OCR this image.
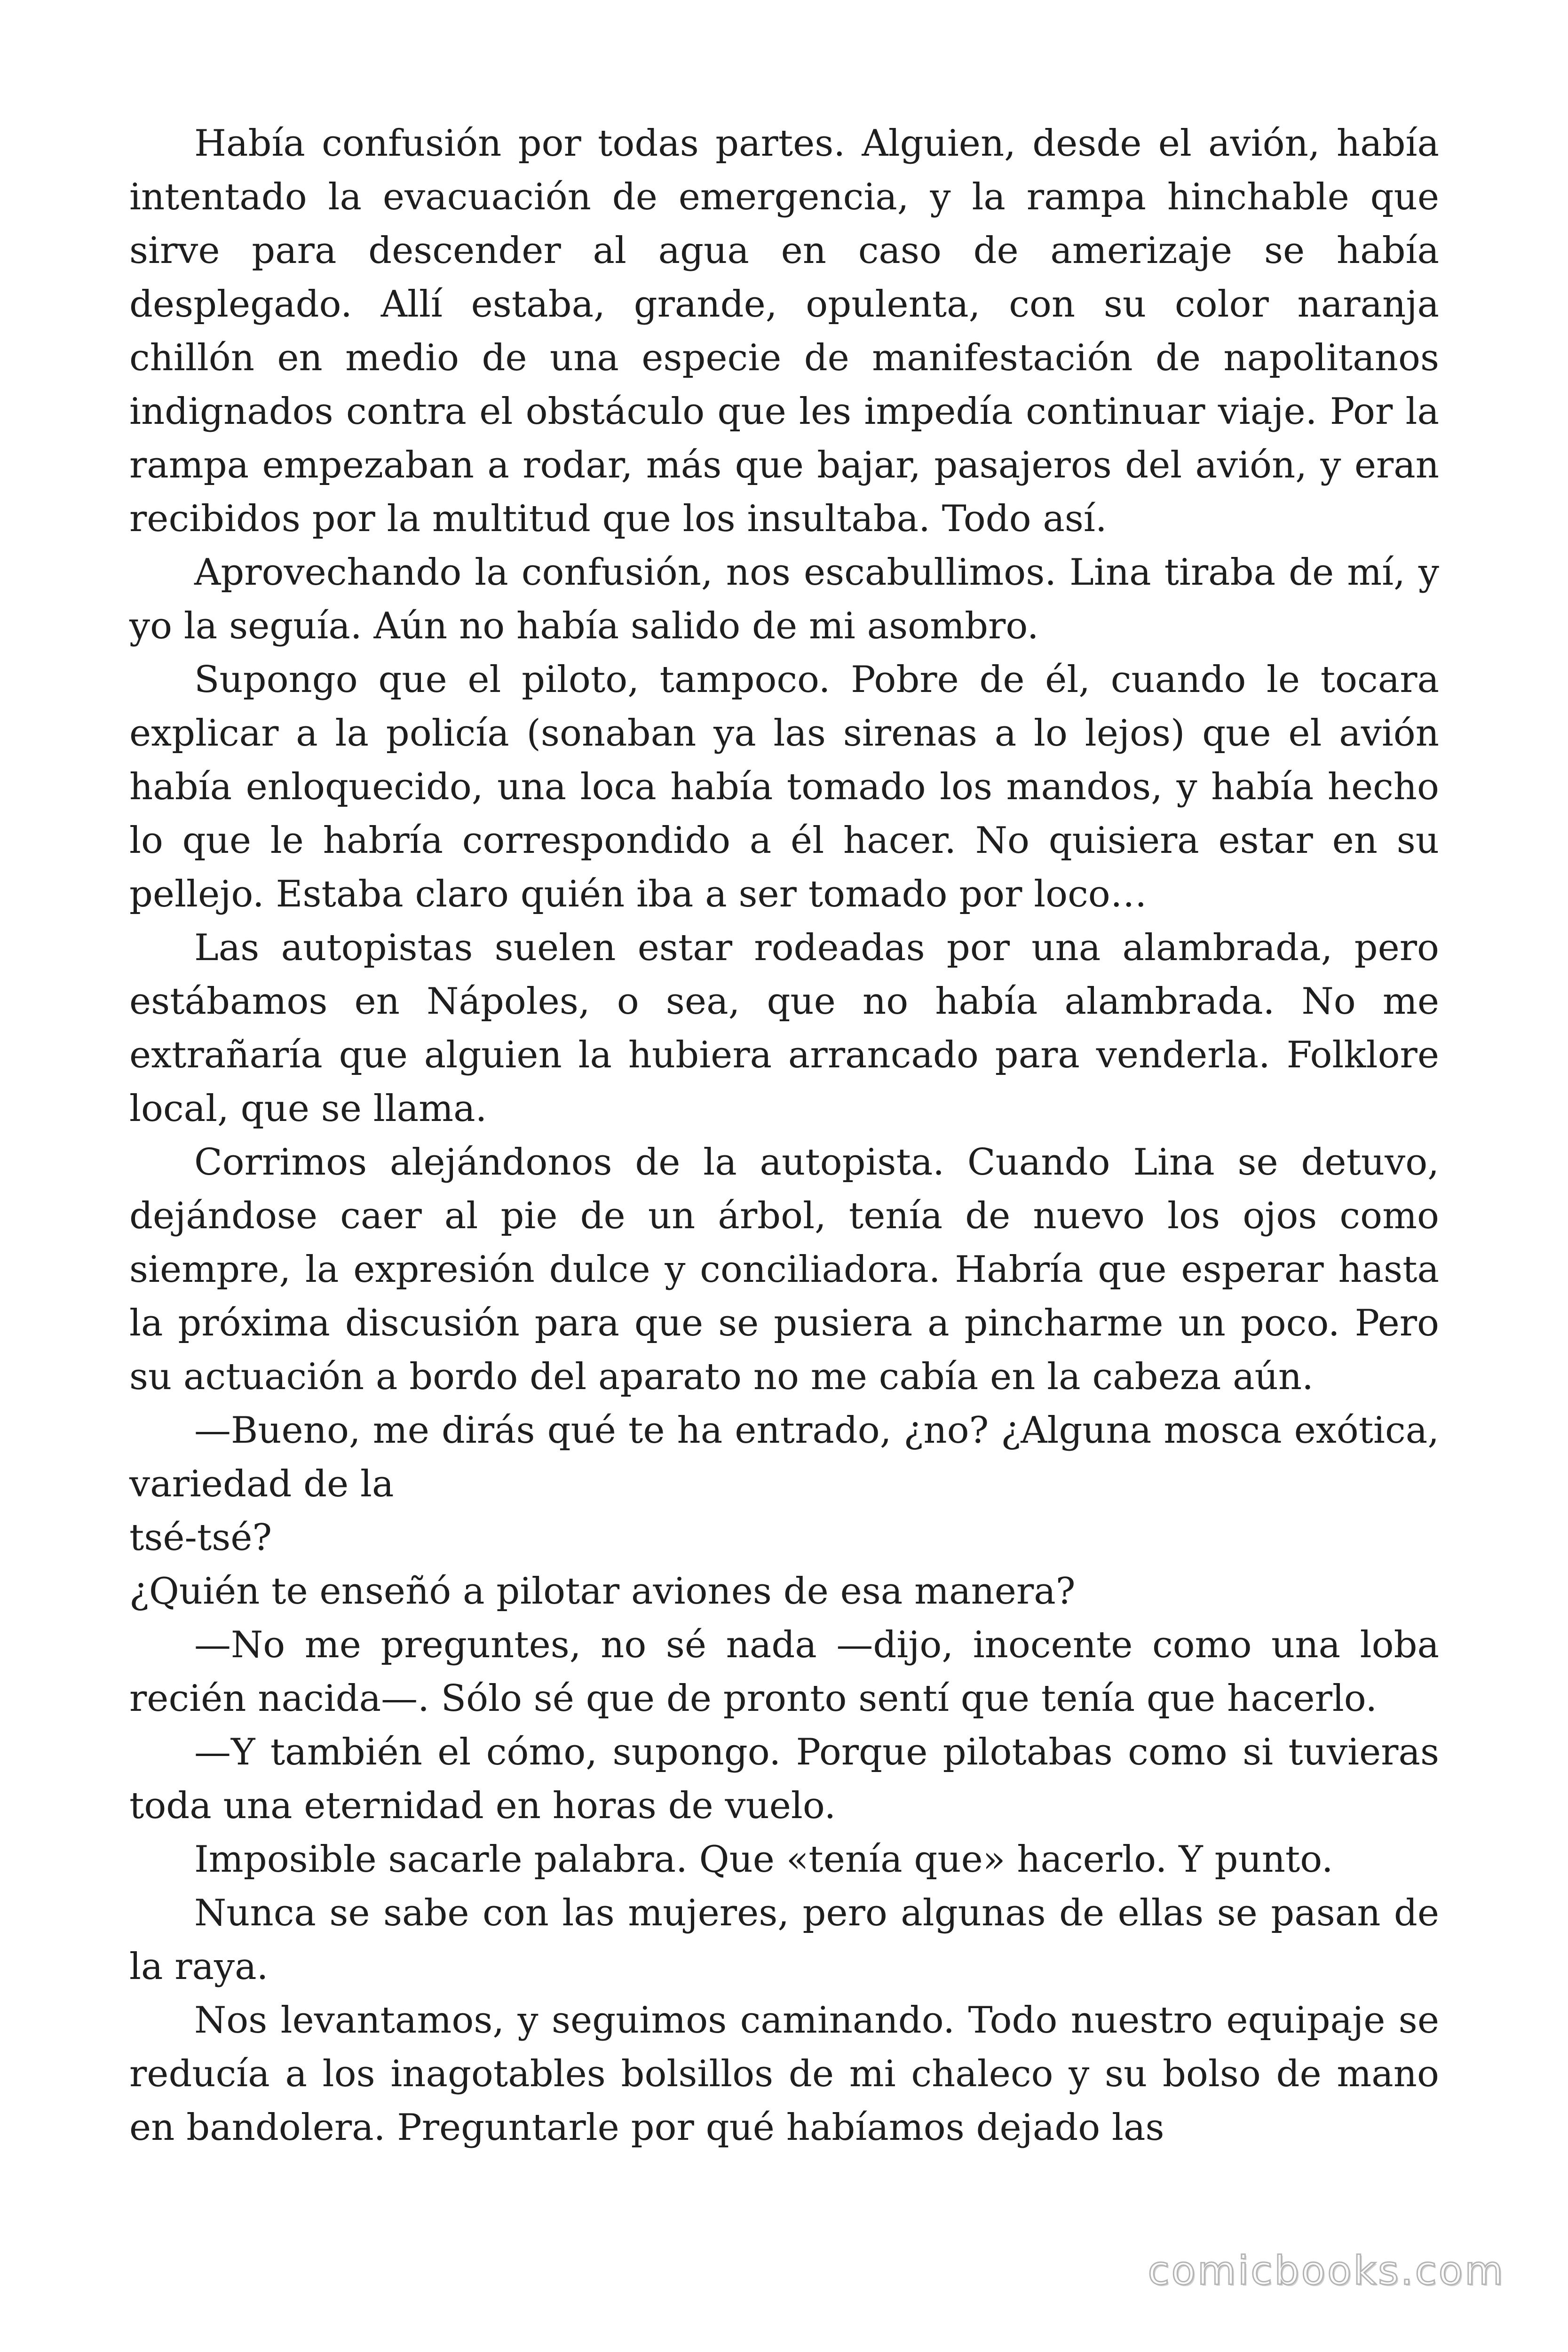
Había confusión por todas partes. Alguien, desde el avión, había intentado la evacuación de emergencia, y la rampa hinchable que sirve para descender al agua en caso de amerizaje se había desplegado. Allí estaba, grande, opulenta, con su color naranja chillón en medio de una especie de manifestación de napolitanos indignados contra el obstáculo que les impedía continuar viaje. Por la rampa empezaban a rodar, más que bajar, pasajeros del avión, y eran recibidos por la multitud que los insultaba. Todo así.

Aprovechando la confusión, nos escabullimos. Lina tiraba de mí, y yo la seguía. Aún no había salido de mi asombro.

Supongo que el piloto, tampoco. Pobre de él, cuando le tocara explicar a la policía (sonaban ya las sirenas a lo lejos) que el avión había enloquecido, una loca había tomado los mandos, y había hecho lo que le habría correspondido a él hacer. No quisiera estar en su pellejo. Estaba claro quién iba a ser tomado por loco…

Las autopistas suelen estar rodeadas por una alambrada, pero estábamos en Nápoles, o sea, que no había alambrada. No me extrañaría que alguien la hubiera arrancado para venderla. Folklore local, que se llama.

Corrimos alejándonos de la autopista. Cuando Lina se detuvo, dejándose caer al pie de un árbol, tenía de nuevo los ojos como siempre, la expresión dulce y conciliadora. Habría que esperar hasta la próxima discusión para que se pusiera a pincharme un poco. Pero su actuación a bordo del aparato no me cabía en la cabeza aún.

—Bueno, me dirás qué te ha entrado, ¿no? ¿Alguna mosca exótica, variedad de la

tsé-tsé?

¿Quién te enseñó a pilotar aviones de esa manera?

—No me preguntes, no sé nada —dijo, inocente como una loba recién nacida—. Sólo sé que de pronto sentí que tenía que hacerlo.

—Y también el cómo, supongo. Porque pilotabas como si tuvieras toda una eternidad en horas de vuelo.

Imposible sacarle palabra. Que «tenía que» hacerlo. Y punto.

Nunca se sabe con las mujeres, pero algunas de ellas se pasan de la raya.

Nos levantamos, y seguimos caminando. Todo nuestro equipaje se reducía a los inagotables bolsillos de mi chaleco y su bolso de mano en bandolera. Preguntarle por qué habíamos dejado las

comicbooks.com
